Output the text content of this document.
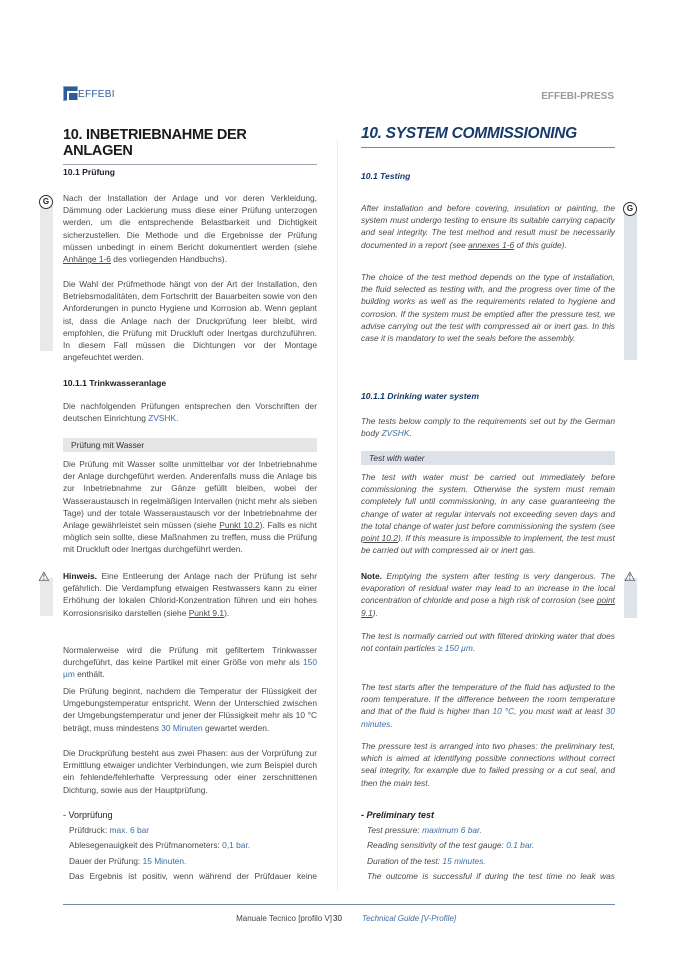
EFFEBI	EFFEBI-PRESS
10. INBETRIEBNAHME DER ANLAGEN
10. SYSTEM COMMISSIONING
G
⚠
G
⚠
10.1 Prüfung

Nach der Installation der Anlage und vor deren Verkleidung, Dämmung oder Lackierung muss diese einer Prüfung unterzogen werden, um die entsprechende Belastbarkeit und Dichtigkeit sicherzustellen. Die Methode und die Ergebnisse der Prüfung müssen unbedingt in einem Bericht dokumentiert werden (siehe Anhänge 1-6 des vorliegenden Handbuchs).

Die Wahl der Prüfmethode hängt von der Art der Installation, den Betriebsmodalitäten, dem Fortschritt der Bauarbeiten sowie von den Anforderungen in puncto Hygiene und Korrosion ab. Wenn geplant ist, dass die Anlage nach der Druckprüfung leer bleibt, wird empfohlen, die Prüfung mit Druckluft oder Inertgas durchzuführen. In diesem Fall müssen die Dichtungen vor der Montage angefeuchtet werden.

10.1.1 Trinkwasseranlage

Die nachfolgenden Prüfungen entsprechen den Vorschriften der deutschen Einrichtung ZVSHK.

Prüfung mit Wasser

Die Prüfung mit Wasser sollte unmittelbar vor der Inbetriebnahme der Anlage durchgeführt werden. Anderenfalls muss die Anlage bis zur Inbetriebnahme zur Gänze gefüllt bleiben, wobei der Wasseraustausch in regelmäßigen Intervallen (nicht mehr als sieben Tage) und der totale Wasseraustausch vor der Inbetriebnahme der Anlage gewährleistet sein müssen (siehe Punkt 10.2). Falls es nicht möglich sein sollte, diese Maßnahmen zu treffen, muss die Prüfung mit Druckluft oder Inertgas durchgeführt werden.

Hinweis. Eine Entleerung der Anlage nach der Prüfung ist sehr gefährlich. Die Verdampfung etwaigen Restwassers kann zu einer Erhöhung der lokalen Chlorid-Konzentration führen und ein hohes Korrosionsrisiko darstellen (siehe Punkt 9.1).

Normalerweise wird die Prüfung mit gefiltertem Trinkwasser durchgeführt, das keine Partikel mit einer Größe von mehr als 150 µm enthält.

Die Prüfung beginnt, nachdem die Temperatur der Flüssigkeit der Umgebungstemperatur entspricht. Wenn der Unterschied zwischen der Umgebungstemperatur und jener der Flüssigkeit mehr als 10 °C beträgt, muss mindestens 30 Minuten gewartet werden.

Die Druckprüfung besteht aus zwei Phasen: aus der Vorprüfung zur Ermittlung etwaiger undichter Verbindungen, wie zum Beispiel durch ein fehlende/fehlerhafte Verpressung oder einer zerschnittenen Dichtung, sowie aus der Hauptprüfung.

- Vorprüfung
Prüfdruck: max. 6 bar
Ablesegenauigkeit des Prüfmanometers: 0,1 bar.
Dauer der Prüfung: 15 Minuten.

Das Ergebnis ist positiv, wenn während der Prüfdauer keine

10.1 Testing

After installation and before covering, insulation or painting, the system must undergo testing to ensure its suitable carrying capacity and seal integrity. The test method and result must be necessarily documented in a report (see annexes 1-6 of this guide).

The choice of the test method depends on the type of installation, the fluid selected as testing with, and the progress over time of the building works as well as the requirements related to hygiene and corrosion. If the system must be emptied after the pressure test, we advise carrying out the test with compressed air or inert gas. In this case it is mandatory to wet the seals before the assembly.

10.1.1 Drinking water system

The tests below comply to the requirements set out by the German body ZVSHK.

Test with water

The test with water must be carried out immediately before commissioning the system. Otherwise the system must remain completely full until commissioning, in any case guaranteeing the change of water at regular intervals not exceeding seven days and the total change of water just before commissioning the system (see point 10.2). If this measure is impossible to implement, the test must be carried out with compressed air or inert gas.

Note. Emptying the system after testing is very dangerous. The evaporation of residual water may lead to an increase in the local concentration of chloride and pose a high risk of corrosion (see point 9.1).

The test is normally carried out with filtered drinking water that does not contain particles ≥ 150 µm.

The test starts after the temperature of the fluid has adjusted to the room temperature. If the difference between the room temperature and that of the fluid is higher than 10 °C, you must wait at least 30 minutes.

The pressure test is arranged into two phases: the preliminary test, which is aimed at identifying possible connections without correct seal integrity, for example due to failed pressing or a cut seal, and then the main test.

- Preliminary test
Test pressure: maximum 6 bar.
Reading sensitivity of the test gauge: 0.1 bar.
Duration of the test: 15 minutes.

The outcome is successful if during the test time no leak was

Manuale Tecnico [profilo V] 30	Technical Guide [V-Profile]
